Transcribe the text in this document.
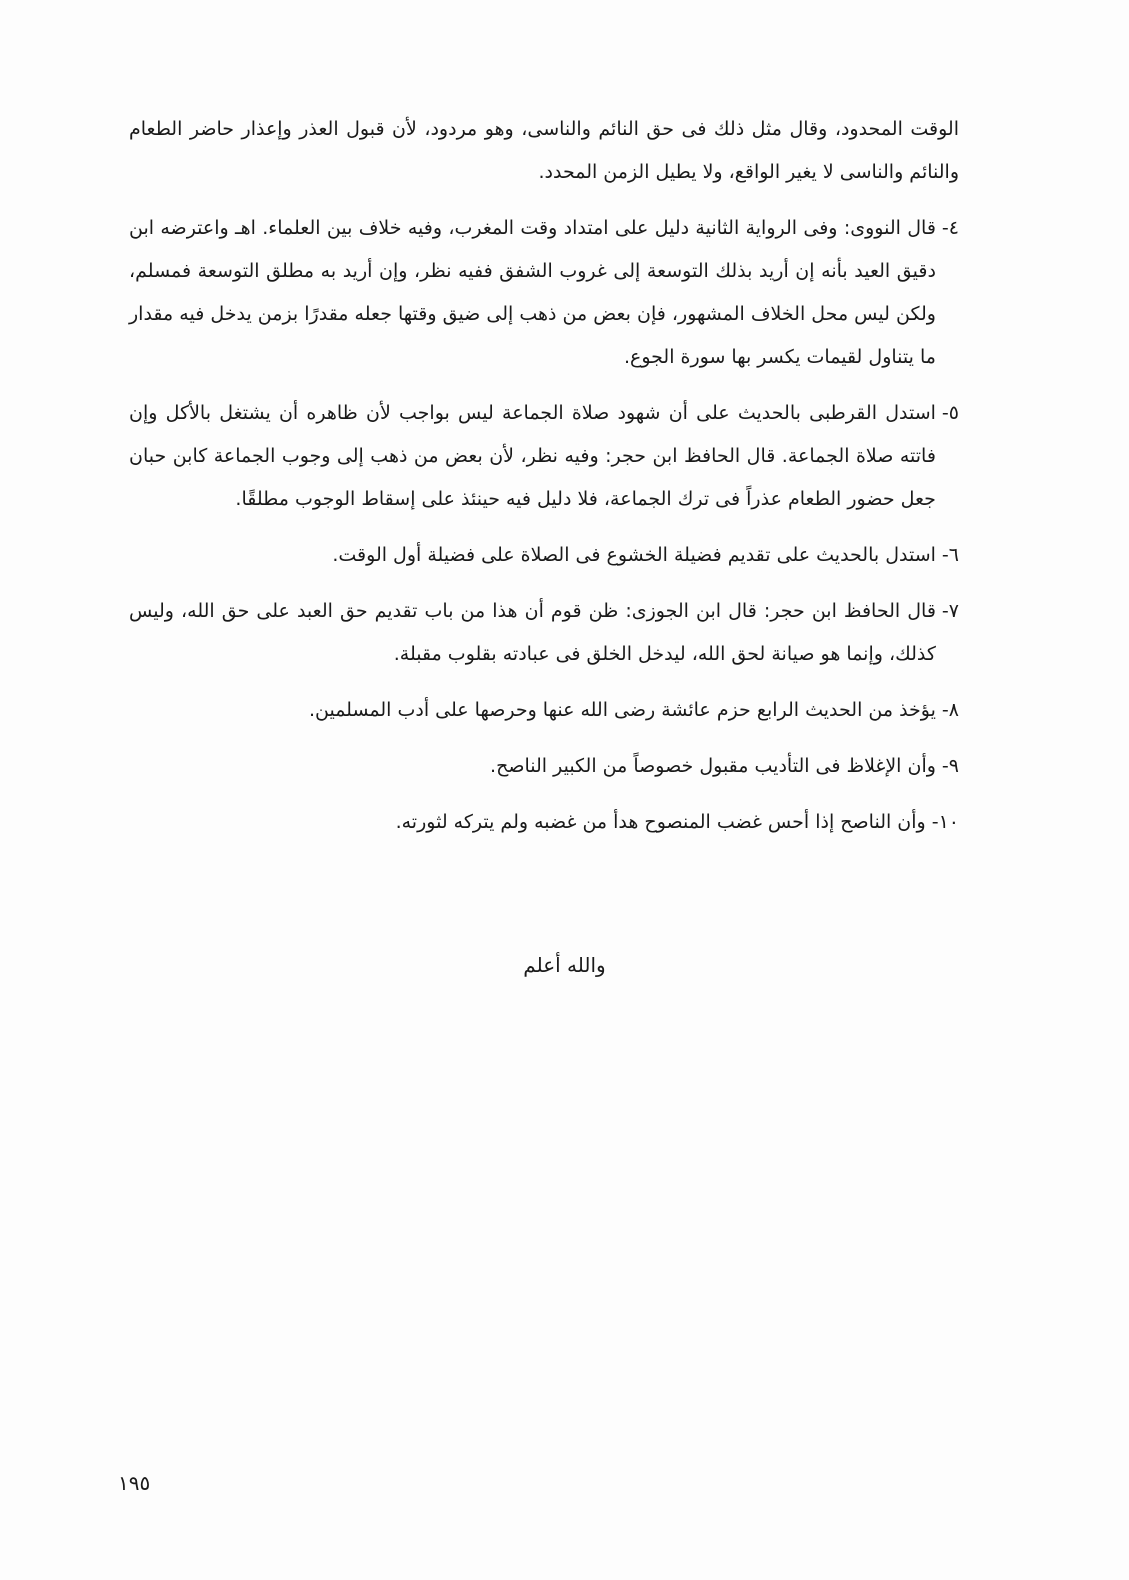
الوقت المحدود، وقال مثل ذلك فى حق النائم والناسى، وهو مردود، لأن قبول العذر وإعذار حاضر الطعام والنائم والناسى لا يغير الواقع، ولا يطيل الزمن المحدد.
٤-
قال النووى: وفى الرواية الثانية دليل على امتداد وقت المغرب، وفيه خلاف بين العلماء. اهـ واعترضه ابن دقيق العيد بأنه إن أريد بذلك التوسعة إلى غروب الشفق ففيه نظر، وإن أريد به مطلق التوسعة فمسلم، ولكن ليس محل الخلاف المشهور، فإن بعض من ذهب إلى ضيق وقتها جعله مقدرًا بزمن يدخل فيه مقدار ما يتناول لقيمات يكسر بها سورة الجوع.
٥-
استدل القرطبى بالحديث على أن شهود صلاة الجماعة ليس بواجب لأن ظاهره أن يشتغل بالأكل وإن فاتته صلاة الجماعة. قال الحافظ ابن حجر: وفيه نظر، لأن بعض من ذهب إلى وجوب الجماعة كابن حبان جعل حضور الطعام عذراً فى ترك الجماعة، فلا دليل فيه حينئذ على إسقاط الوجوب مطلقًا.
٦-
استدل بالحديث على تقديم فضيلة الخشوع فى الصلاة على فضيلة أول الوقت.
٧-
قال الحافظ ابن حجر: قال ابن الجوزى: ظن قوم أن هذا من باب تقديم حق العبد على حق الله، وليس كذلك، وإنما هو صيانة لحق الله، ليدخل الخلق فى عبادته بقلوب مقبلة.
٨-
يؤخذ من الحديث الرابع حزم عائشة رضى الله عنها وحرصها على أدب المسلمين.
٩-
وأن الإغلاظ فى التأديب مقبول خصوصاً من الكبير الناصح.
١٠-
وأن الناصح إذا أحس غضب المنصوح هدأ من غضبه ولم يتركه لثورته.
والله أعلم
١٩٥
